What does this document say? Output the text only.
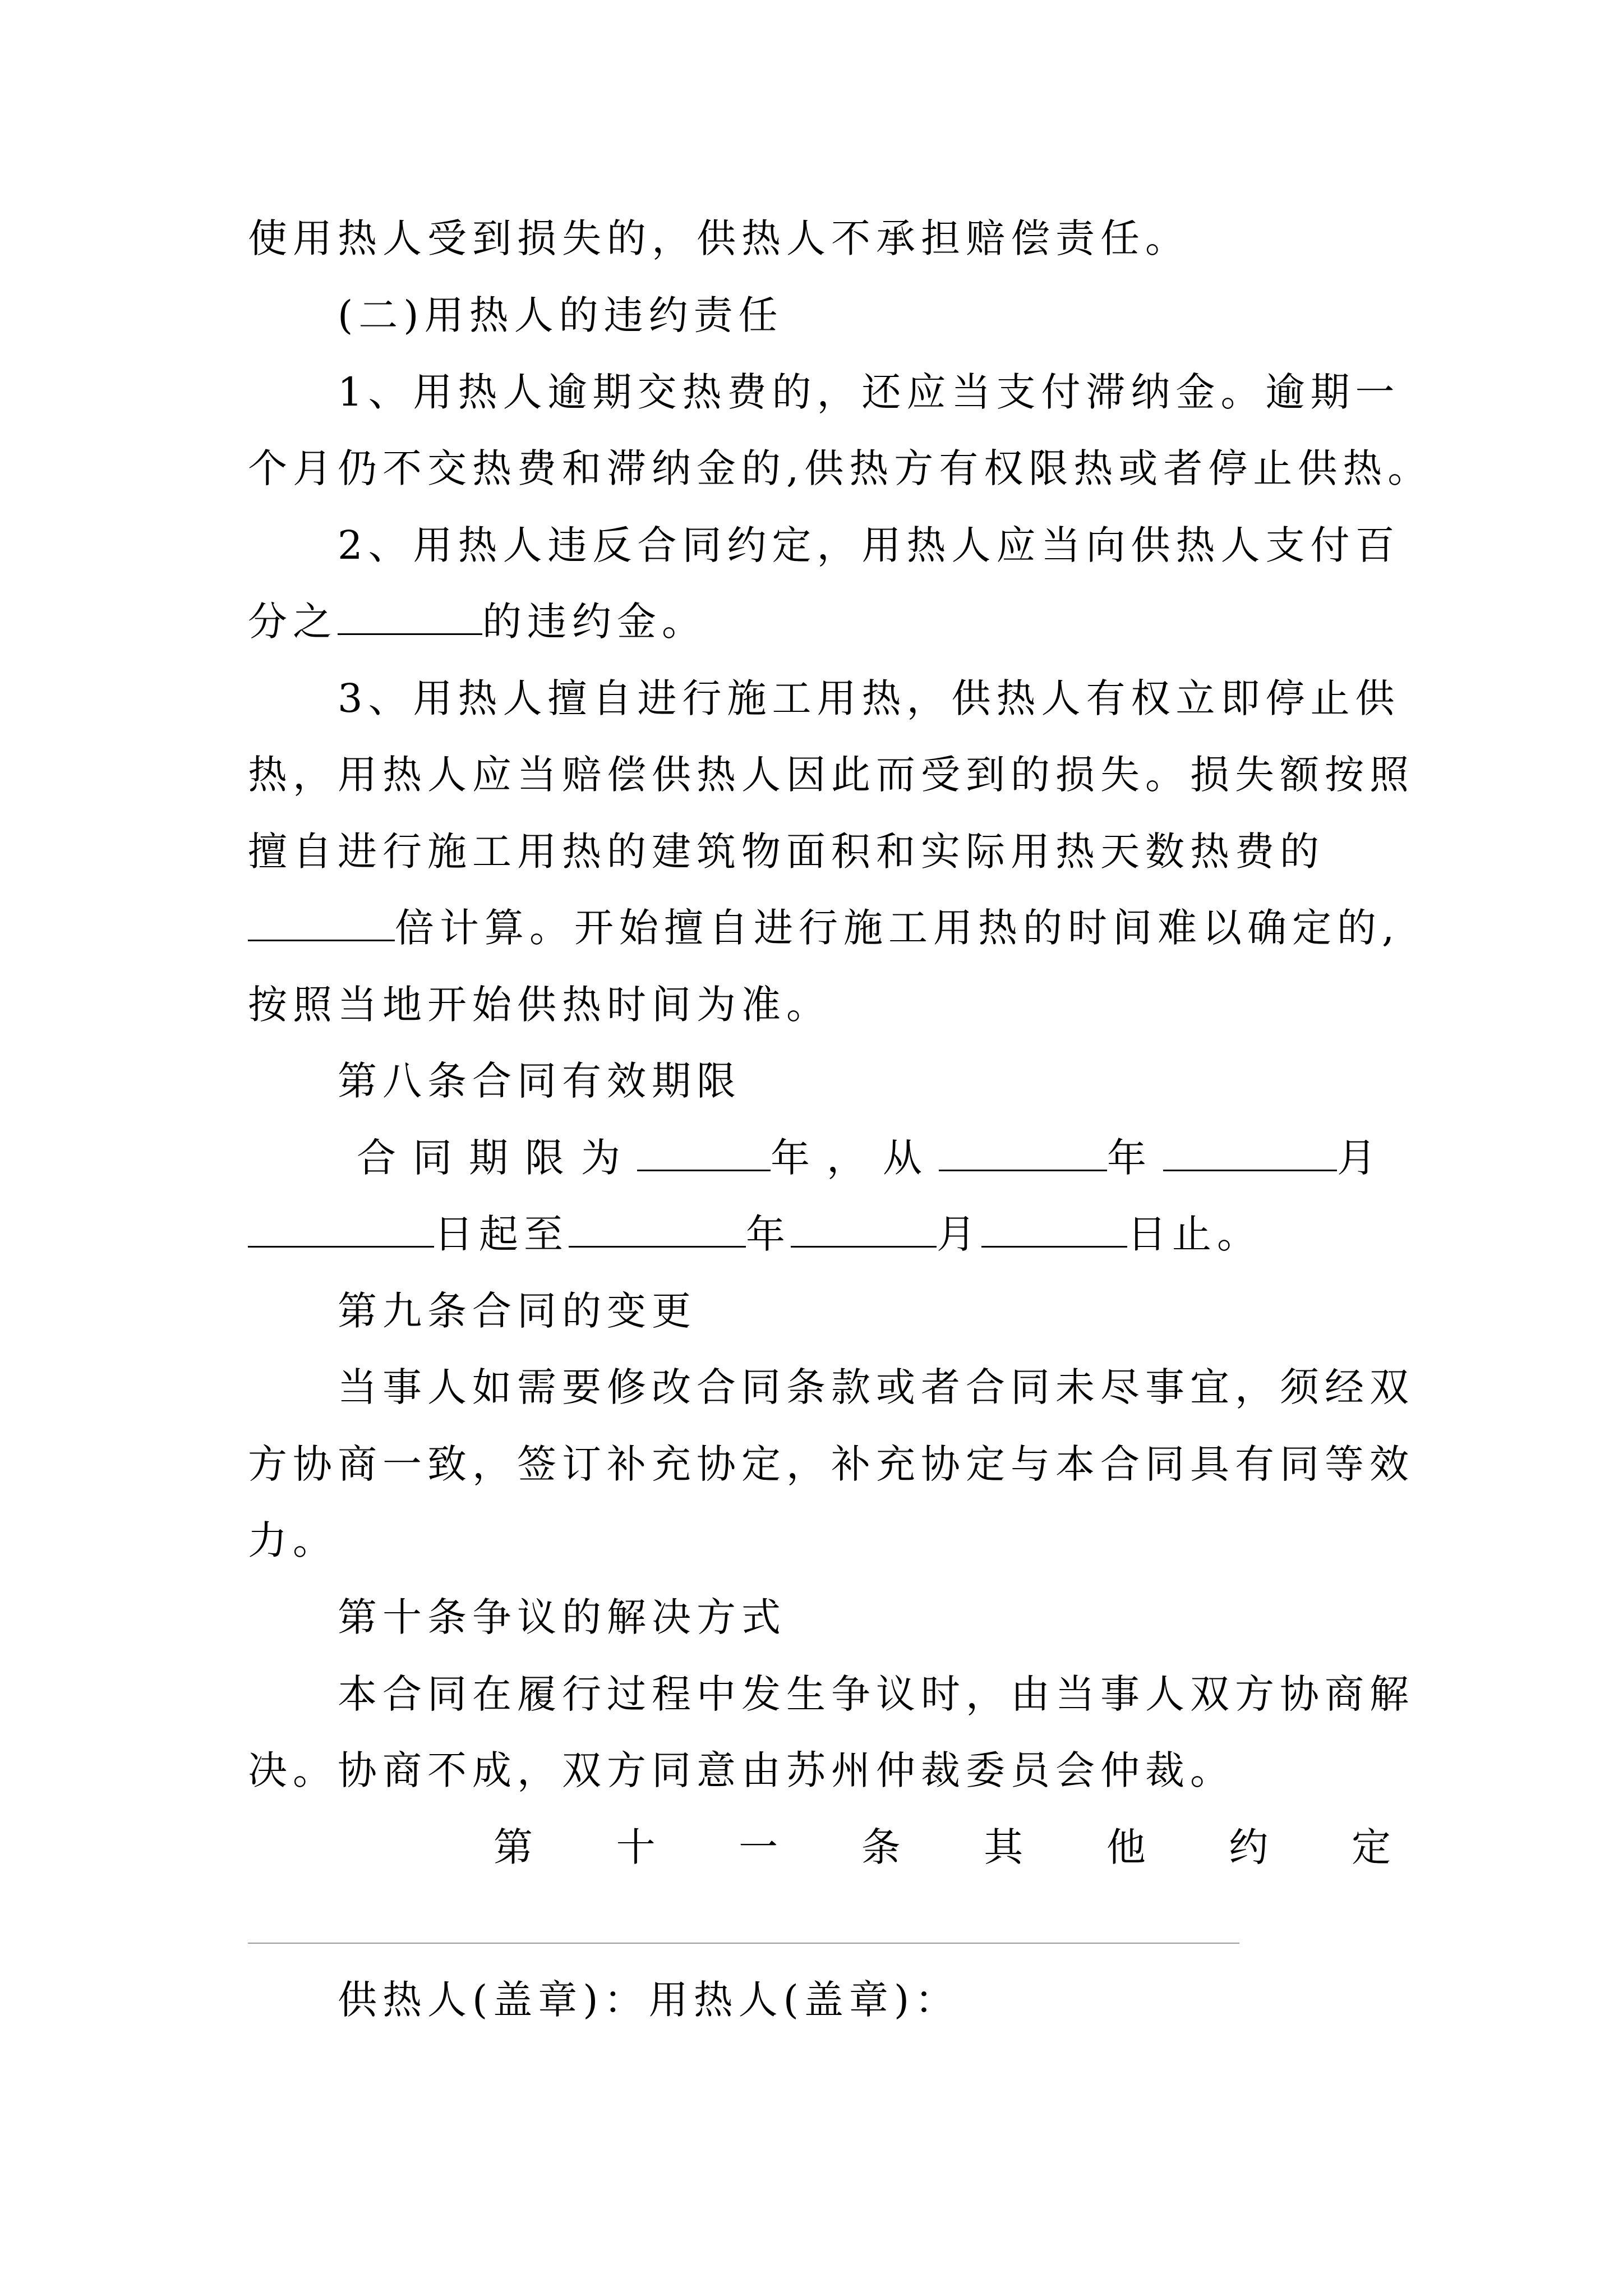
使用热人受到损失的，供热人不承担赔偿责任。
(二)用热人的违约责任
1、用热人逾期交热费的，还应当支付滞纳金。逾期一
个月仍不交热费和滞纳金的,供热方有权限热或者停止供热。
2、用热人违反合同约定，用热人应当向供热人支付百
分之	的违约金。
3、用热人擅自进行施工用热，供热人有权立即停止供
热，用热人应当赔偿供热人因此而受到的损失。损失额按照
擅自进行施工用热的建筑物面积和实际用热天数热费的
倍计算。开始擅自进行施工用热的时间难以确定的,
按照当地开始供热时间为准。
第八条合同有效期限
合同期限为	年，从	年	月
日起至	年	月	日止。
第九条合同的变更
当事人如需要修改合同条款或者合同未尽事宜，须经双
方协商一致，签订补充协定，补充协定与本合同具有同等效
力。
第十条争议的解决方式
本合同在履行过程中发生争议时，由当事人双方协商解
决。协商不成，双方同意由苏州仲裁委员会仲裁。
第 十 一 条 其 他 约 定
供热人(盖章)：用热人(盖章)：
